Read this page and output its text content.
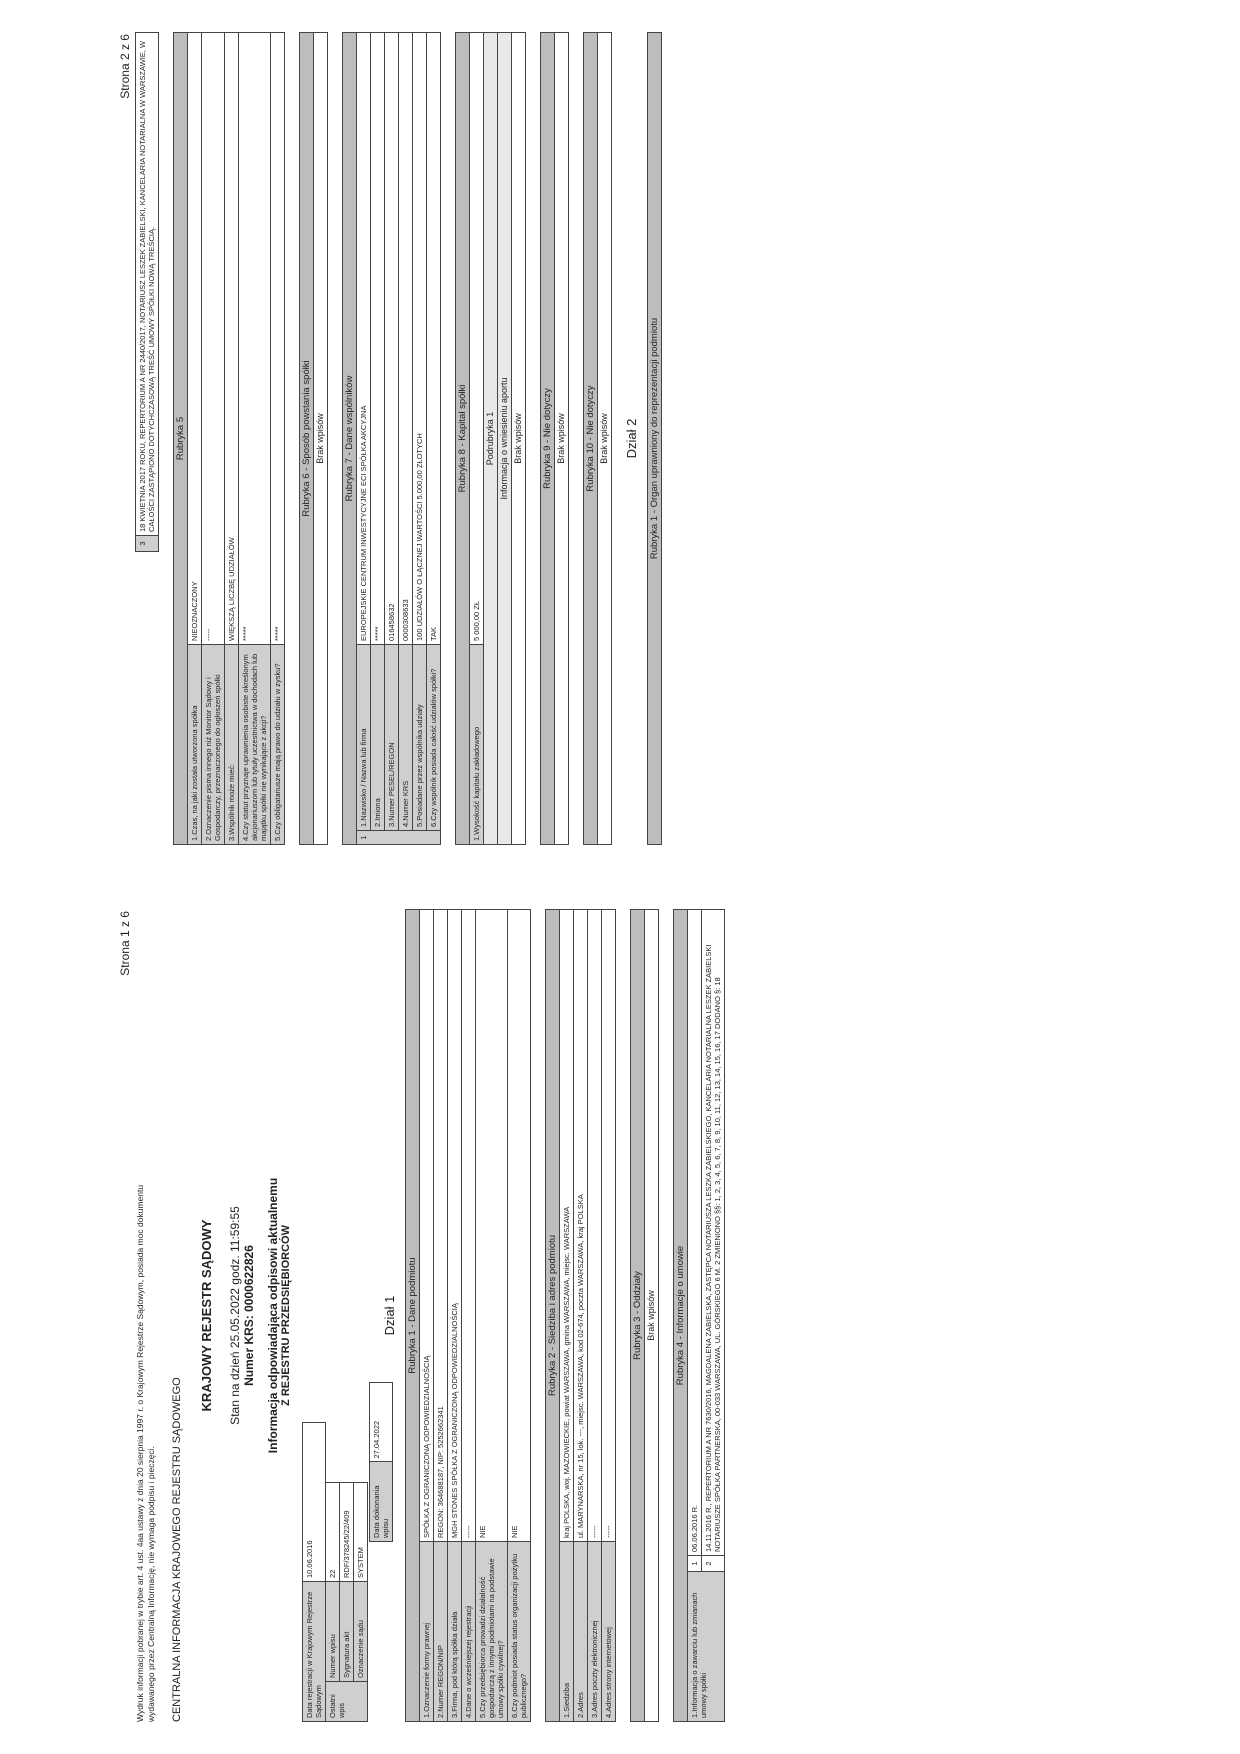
Strona 1 z 6
Wydruk informacji pobranej w trybie art. 4 ust. 4aa ustawy z dnia 20 sierpnia 1997 r. o Krajowym Rejestrze Sądowym, posiada moc dokumentu wydawanego przez Centralną Informację, nie wymaga podpisu i pieczęci. CENTRALNA INFORMACJA KRAJOWEGO REJESTRU SĄDOWEGO
KRAJOWY REJESTR SĄDOWY Stan na dzień 25.05.2022 godz. 11:59:55 Numer KRS: 0000622826 Informacja odpowiadająca odpisowi aktualnemu Z REJESTRU PRZEDSIĘBIORCÓW
Data rejestracji w Krajowym Rejestrze Sądowym		10.06.2016	
Ostatni wpis	Numer wpisu	22	
	Sygnatura akt	RDF/378245/22/409	
	Oznaczenie sądu	SYSTEM	
Data dokonania wpisu	27.04.2022
Dział 1 Rubryka 1 - Dane podmiotu	
1.Oznaczenie formy prawnej	SPÓŁKA Z OGRANICZONĄ ODPOWIEDZIALNOŚCIĄ
2.Numer REGON/NIP	REGON: 364688187, NIP: 5252662341
3.Firma, pod którą spółka działa	MGH STONES SPÓŁKA Z OGRANICZONĄ ODPOWIEDZIALNOŚCIĄ
4.Dane o wcześniejszej rejestracji	-----
5.Czy przedsiębiorca prowadzi działalność gospodarczą z innymi podmiotami na podstawie umowy spółki cywilnej?	NIE
6.Czy podmiot posiada status organizacji pożytku publicznego?	NIE
Rubryka 2 - Siedziba i adres podmiotu	
1.Siedziba	kraj POLSKA, woj. MAZOWIECKIE, powiat WARSZAWA, gmina WARSZAWA, miejsc. WARSZAWA
2.Adres	ul. MARYNARSKA, nr 15, lok. ---, miejsc. WARSZAWA, kod 02-674, poczta WARSZAWA, kraj POLSKA
3.Adres poczty elektronicznej	-----
4.Adres strony internetowej	-----
Rubryka 3 - Oddziały
Brak wpisów Rubryka 4 - Informacje o umowie		
1.Informacja o zawarciu lub zmianach umowy spółki	1	06.06.2016 R.
	2	14.11.2016 R., REPERTORIUM A NR 7630/2016, MAGDALENA ZABIELSKA, ZASTĘPCA NOTARIUSZA LESZKA ZABIELSKIEGO, KANCELARIA NOTARIALNA LESZEK ZABIELSKI NOTARIUSZE SPÓŁKA PARTNERSKA, 00-033 WARSZAWA, UL. GÓRSKIEGO 6 M. 2 ZMIENIONO §§: 1, 2, 3, 4, 5, 6, 7, 8, 9, 10, 11, 12, 13, 14, 15, 16, 17 DODANO §: 18
Strona 2 z 6
3	18 KWIETNIA 2017 ROKU, REPERTORIUM A NR 2440/2017, NOTARIUSZ LESZEK ZABIELSKI, KANCELARIA NOTARIALNA W WARSZAWIE, W CAŁOŚCI ZASTĄPIONO DOTYCHCZASOWĄ TREŚĆ UMOWY SPÓŁKI NOWĄ TREŚCIĄ. Rubryka 5	
1.Czas, na jaki została utworzona spółka	NIEOZNACZONY
2.Oznaczenie pisma innego niż Monitor Sądowy i Gospodarczy, przeznaczonego do ogłoszeń spółki	-----
3.Wspólnik może mieć:	WIĘKSZĄ LICZBĘ UDZIAŁÓW
4.Czy statut przyznaje uprawnienia osobiste określonym akcjonariuszom lub tytuły uczestnictwa w dochodach lub majątku spółki nie wynikające z akcji?	*****
5.Czy obligatariusze mają prawo do udziału w zysku?	*****
Rubryka 6 - Sposób powstania spółki
Brak wpisów Rubryka 7 - Dane wspólników		
1	1.Nazwisko / Nazwa lub firma	EUROPEJSKIE CENTRUM INWESTYCYJNE ECI SPÓŁKA AKCYJNA
	2.Imiona	*****
	3.Numer PESEL/REGON	016458632
	4.Numer KRS	0000308633
	5.Posiadane przez wspólnika udziały	100 UDZIAŁÓW O ŁĄCZNEJ WARTOŚCI 5.000,00 ZŁOTYCH
	6.Czy wspólnik posiada całość udziałów spółki?	TAK
Rubryka 8 - Kapitał spółki
1.Wysokość kapitału zakładowego	5 000,00 ZŁ
Podrubryka 1
Informacja o wniesieniu aportu
Brak wpisów Rubryka 9 - Nie dotyczy
Brak wpisów Rubryka 10 - Nie dotyczy
Brak wpisów Dział 2 Rubryka 1 - Organ uprawniony do reprezentacji podmiotu
